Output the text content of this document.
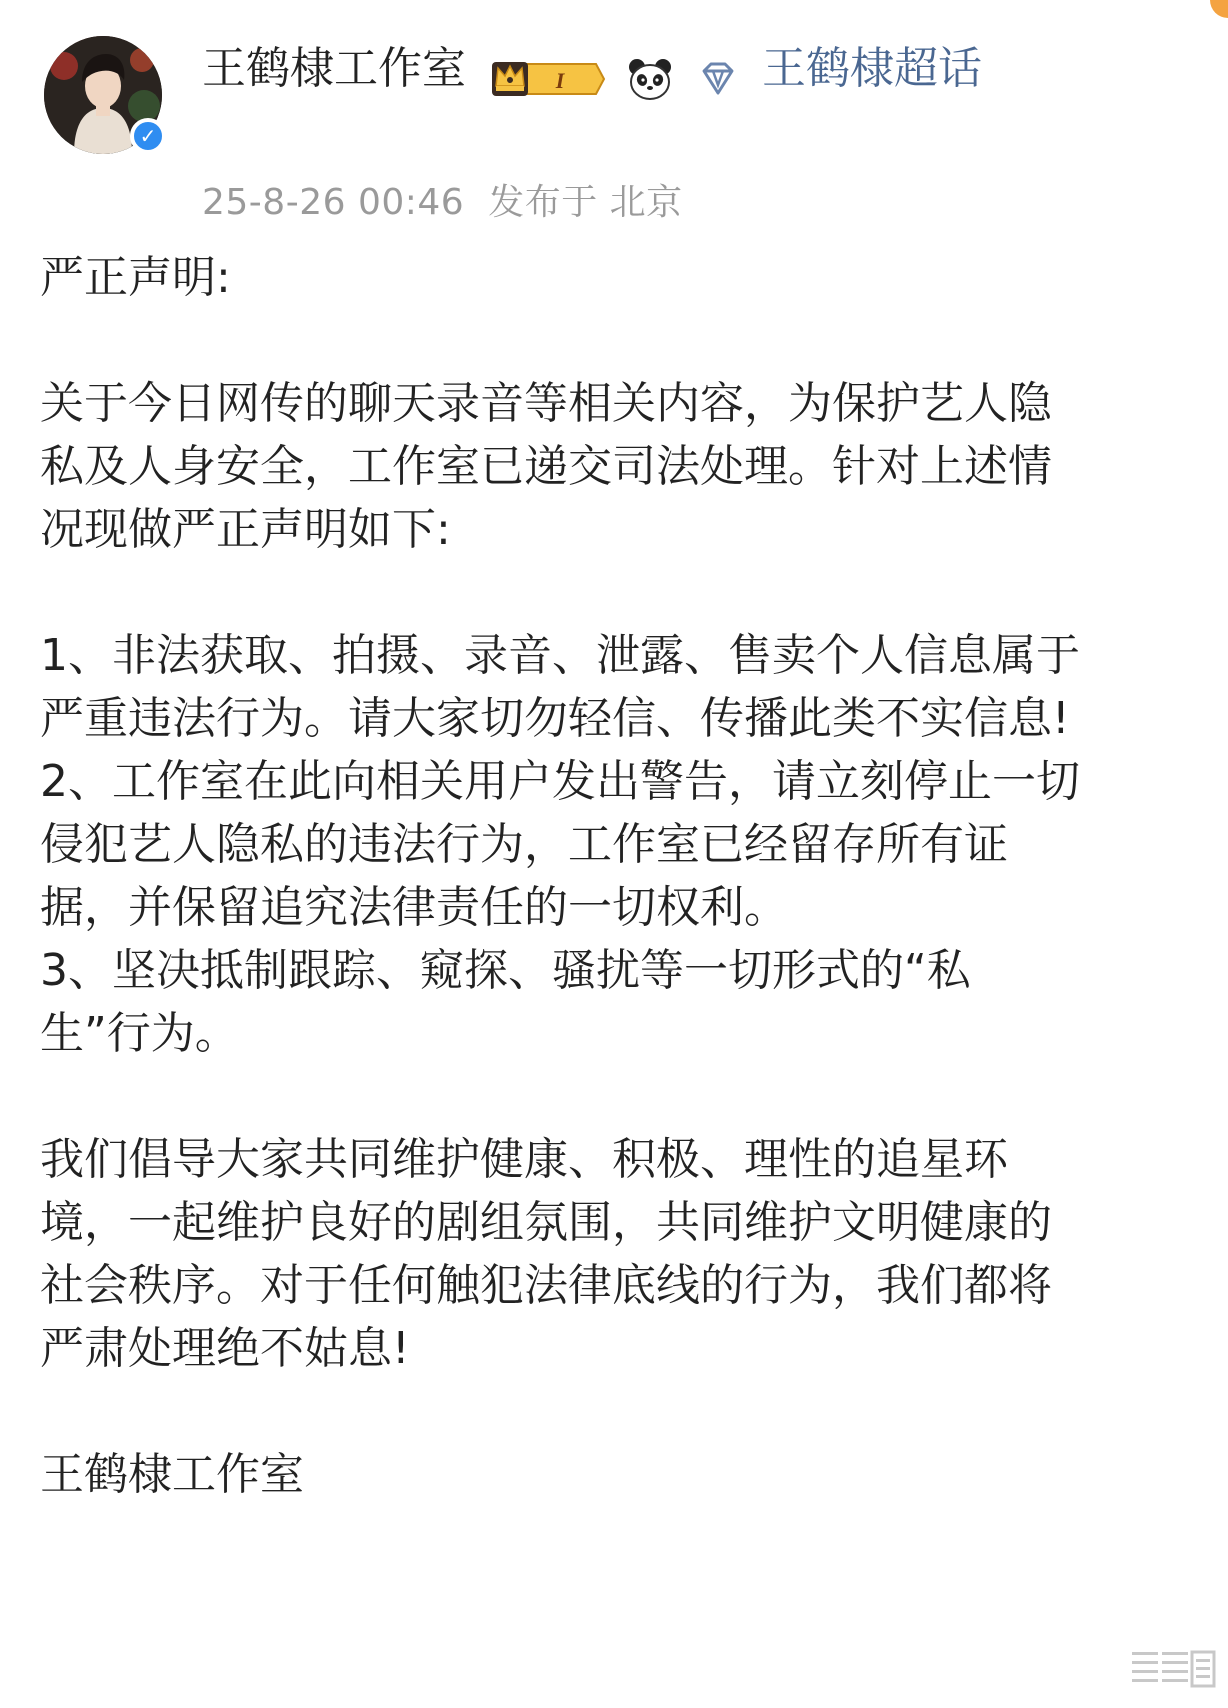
✓
王鹤棣工作室	I	王鹤棣超话
25-8-26 00:46 发布于 北京

严正声明:

关于今日网传的聊天录音等相关内容，为保护艺人隐私及人身安全，工作室已递交司法处理。针对上述情况现做严正声明如下:

1、非法获取、拍摄、录音、泄露、售卖个人信息属于严重违法行为。请大家切勿轻信、传播此类不实信息!

2、工作室在此向相关用户发出警告，请立刻停止一切侵犯艺人隐私的违法行为，工作室已经留存所有证据，并保留追究法律责任的一切权利。

3、坚决抵制跟踪、窥探、骚扰等一切形式的“私生”行为。

我们倡导大家共同维护健康、积极、理性的追星环境，一起维护良好的剧组氛围，共同维护文明健康的社会秩序。对于任何触犯法律底线的行为，我们都将严肃处理绝不姑息!

王鹤棣工作室
